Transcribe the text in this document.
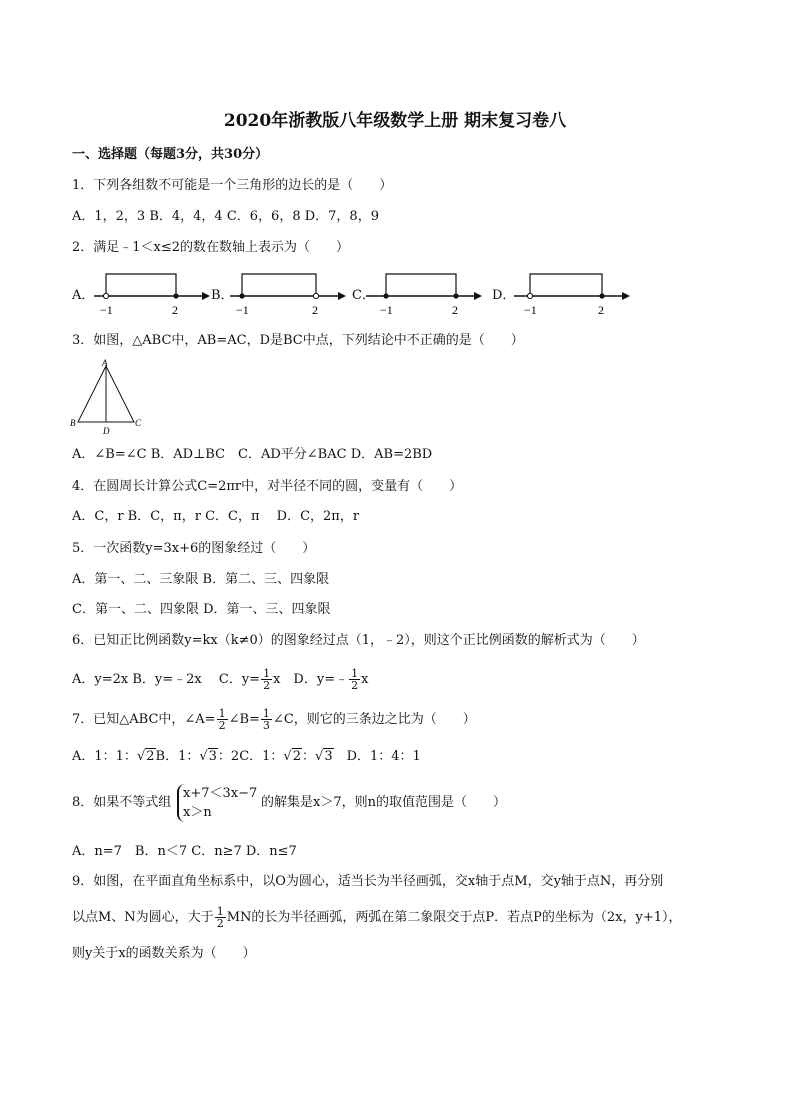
2020年浙教版八年级数学上册 期末复习卷八
一、选择题（每题3分，共30分）
1．下列各组数不可能是一个三角形的边长的是（　　）
A．1，2，3 B．4，4，4 C．6，6，8 D．7，8，9
2．满足﹣1＜x≤2的数在数轴上表示为（　　）
A．	B．	C．	D．
−1	2	−1	2	−1	2	−1	2
3．如图，△ABC中，AB=AC，D是BC中点，下列结论中不正确的是（　　）
A
B	C
D
A．∠B=∠C B．AD⊥BC　C．AD平分∠BAC D．AB=2BD
4．在圆周长计算公式C=2πr中，对半径不同的圆，变量有（　　）
A．C，r B．C，π，r C．C，π　 D．C，2π，r
5．一次函数y=3x+6的图象经过（　　）
A．第一、二、三象限 B．第二、三、四象限
C．第一、二、四象限 D．第一、三、四象限
6．已知正比例函数y=kx（k≠0）的图象经过点（1，﹣2），则这个正比例函数的解析式为（　　）
A．y=2x B．y=﹣2x　 C．$y= \frac{1}{2}$ x　D．y=﹣ $\frac{1}{2}$ x
7．已知△ABC中，∠A= $\frac{1}{2}$ ∠B= $\frac{1}{3}$ ∠C，则它的三条边之比为（　　）
A．1：1：√2B．1：√3：2C．1：√2：√3　D．1：4：1
8．如果不等式组
x+7＜3x−7
x＞n
的解集是x＞7，则n的取值范围是（　　）
A．n=7　B．n＜7 C．n≥7 D．n≤7
9．如图，在平面直角坐标系中，以O为圆心，适当长为半径画弧，交x轴于点M，交y轴于点N，再分别
以点M、N为圆心，大于 $\frac{1}{2}$ MN的长为半径画弧，两弧在第二象限交于点P．若点P的坐标为（2x，y+1），
则y关于x的函数关系为（　　）
